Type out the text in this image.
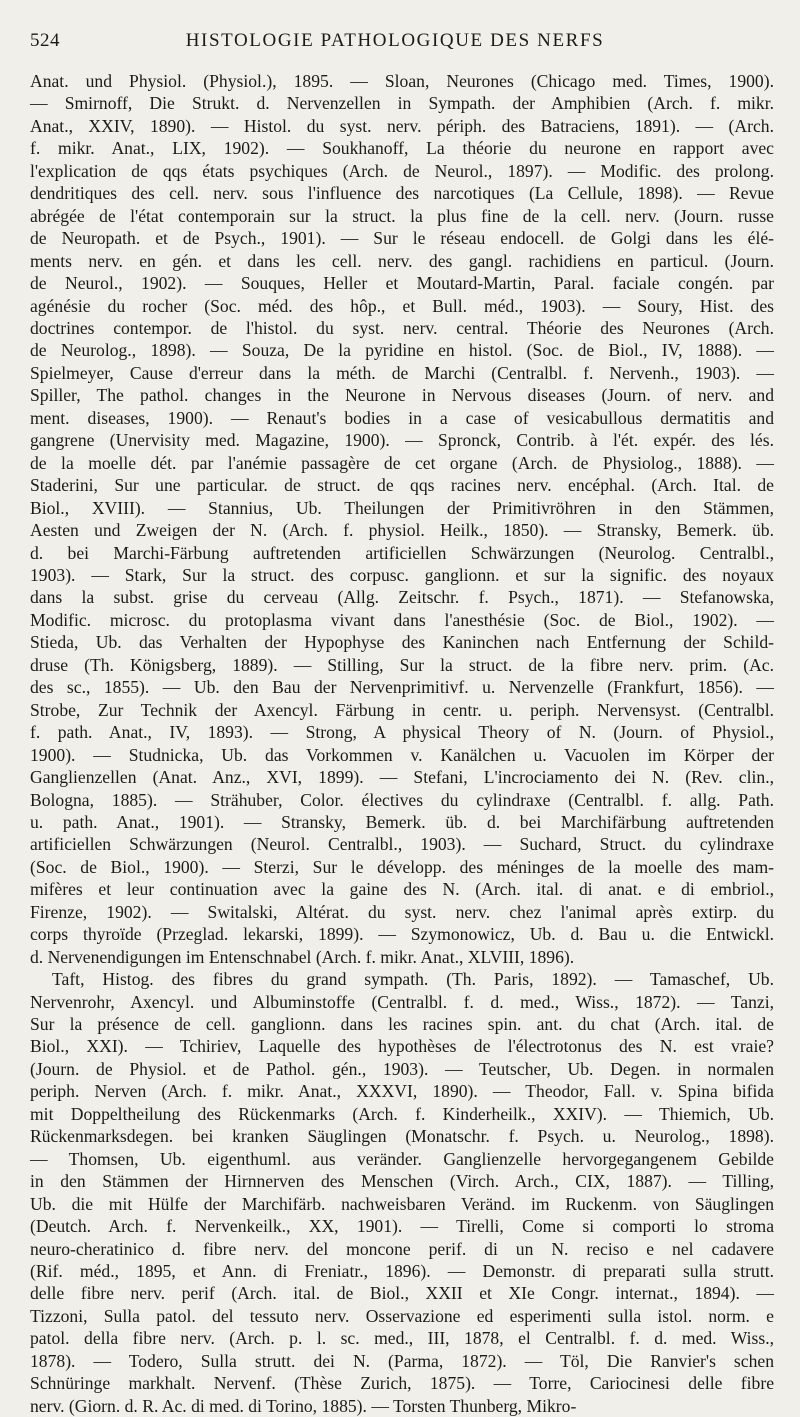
524	HISTOLOGIE PATHOLOGIQUE DES NERFS
Anat. und Physiol. (Physiol.), 1895. — Sloan, Neurones (Chicago med. Times, 1900).
— Smirnoff, Die Strukt. d. Nervenzellen in Sympath. der Amphibien (Arch. f. mikr.
Anat., XXIV, 1890). — Histol. du syst. nerv. périph. des Batraciens, 1891). — (Arch.
f. mikr. Anat., LIX, 1902). — Soukhanoff, La théorie du neurone en rapport avec
l'explication de qqs états psychiques (Arch. de Neurol., 1897). — Modific. des prolong.
dendritiques des cell. nerv. sous l'influence des narcotiques (La Cellule, 1898). — Revue
abrégée de l'état contemporain sur la struct. la plus fine de la cell. nerv. (Journ. russe
de Neuropath. et de Psych., 1901). — Sur le réseau endocell. de Golgi dans les élé-
ments nerv. en gén. et dans les cell. nerv. des gangl. rachidiens en particul. (Journ.
de Neurol., 1902). — Souques, Heller et Moutard-Martin, Paral. faciale congén. par
agénésie du rocher (Soc. méd. des hôp., et Bull. méd., 1903). — Soury, Hist. des
doctrines contempor. de l'histol. du syst. nerv. central. Théorie des Neurones (Arch.
de Neurolog., 1898). — Souza, De la pyridine en histol. (Soc. de Biol., IV, 1888). —
Spielmeyer, Cause d'erreur dans la méth. de Marchi (Centralbl. f. Nervenh., 1903). —
Spiller, The pathol. changes in the Neurone in Nervous diseases (Journ. of nerv. and
ment. diseases, 1900). — Renaut's bodies in a case of vesicabullous dermatitis and
gangrene (Unervisity med. Magazine, 1900). — Spronck, Contrib. à l'ét. expér. des lés.
de la moelle dét. par l'anémie passagère de cet organe (Arch. de Physiolog., 1888). —
Staderini, Sur une particular. de struct. de qqs racines nerv. encéphal. (Arch. Ital. de
Biol., XVIII). — Stannius, Ub. Theilungen der Primitivröhren in den Stämmen,
Aesten und Zweigen der N. (Arch. f. physiol. Heilk., 1850). — Stransky, Bemerk. üb.
d. bei Marchi-Färbung auftretenden artificiellen Schwärzungen (Neurolog. Centralbl.,
1903). — Stark, Sur la struct. des corpusc. ganglionn. et sur la signific. des noyaux
dans la subst. grise du cerveau (Allg. Zeitschr. f. Psych., 1871). — Stefanowska,
Modific. microsc. du protoplasma vivant dans l'anesthésie (Soc. de Biol., 1902). —
Stieda, Ub. das Verhalten der Hypophyse des Kaninchen nach Entfernung der Schild-
druse (Th. Königsberg, 1889). — Stilling, Sur la struct. de la fibre nerv. prim. (Ac.
des sc., 1855). — Ub. den Bau der Nervenprimitivf. u. Nervenzelle (Frankfurt, 1856). —
Strobe, Zur Technik der Axencyl. Färbung in centr. u. periph. Nervensyst. (Centralbl.
f. path. Anat., IV, 1893). — Strong, A physical Theory of N. (Journ. of Physiol.,
1900). — Studnicka, Ub. das Vorkommen v. Kanälchen u. Vacuolen im Körper der
Ganglienzellen (Anat. Anz., XVI, 1899). — Stefani, L'incrociamento dei N. (Rev. clin.,
Bologna, 1885). — Strähuber, Color. électives du cylindraxe (Centralbl. f. allg. Path.
u. path. Anat., 1901). — Stransky, Bemerk. üb. d. bei Marchifärbung auftretenden
artificiellen Schwärzungen (Neurol. Centralbl., 1903). — Suchard, Struct. du cylindraxe
(Soc. de Biol., 1900). — Sterzi, Sur le développ. des méninges de la moelle des mam-
mifères et leur continuation avec la gaine des N. (Arch. ital. di anat. e di embriol.,
Firenze, 1902). — Switalski, Altérat. du syst. nerv. chez l'animal après extirp. du
corps thyroïde (Przeglad. lekarski, 1899). — Szymonowicz, Ub. d. Bau u. die Entwickl.
d. Nervenendigungen im Entenschnabel (Arch. f. mikr. Anat., XLVIII, 1896).
Taft, Histog. des fibres du grand sympath. (Th. Paris, 1892). — Tamaschef, Ub.
Nervenrohr, Axencyl. und Albuminstoffe (Centralbl. f. d. med., Wiss., 1872). — Tanzi,
Sur la présence de cell. ganglionn. dans les racines spin. ant. du chat (Arch. ital. de
Biol., XXI). — Tchiriev, Laquelle des hypothèses de l'électrotonus des N. est vraie?
(Journ. de Physiol. et de Pathol. gén., 1903). — Teutscher, Ub. Degen. in normalen
periph. Nerven (Arch. f. mikr. Anat., XXXVI, 1890). — Theodor, Fall. v. Spina bifida
mit Doppeltheilung des Rückenmarks (Arch. f. Kinderheilk., XXIV). — Thiemich, Ub.
Rückenmarksdegen. bei kranken Säuglingen (Monatschr. f. Psych. u. Neurolog., 1898).
— Thomsen, Ub. eigenthuml. aus veränder. Ganglienzelle hervorgegangenem Gebilde
in den Stämmen der Hirnnerven des Menschen (Virch. Arch., CIX, 1887). — Tilling,
Ub. die mit Hülfe der Marchifärb. nachweisbaren Veränd. im Ruckenm. von Säuglingen
(Deutch. Arch. f. Nervenkeilk., XX, 1901). — Tirelli, Come si comporti lo stroma
neuro-cheratinico d. fibre nerv. del moncone perif. di un N. reciso e nel cadavere
(Rif. méd., 1895, et Ann. di Freniatr., 1896). — Demonstr. di preparati sulla strutt.
delle fibre nerv. perif (Arch. ital. de Biol., XXII et XIe Congr. internat., 1894). —
Tizzoni, Sulla patol. del tessuto nerv. Osservazione ed esperimenti sulla istol. norm. e
patol. della fibre nerv. (Arch. p. l. sc. med., III, 1878, el Centralbl. f. d. med. Wiss.,
1878). — Todero, Sulla strutt. dei N. (Parma, 1872). — Töl, Die Ranvier's schen
Schnüringe markhalt. Nervenf. (Thèse Zurich, 1875). — Torre, Cariocinesi delle fibre
nerv. (Giorn. d. R. Ac. di med. di Torino, 1885). — Torsten Thunberg, Mikro-
